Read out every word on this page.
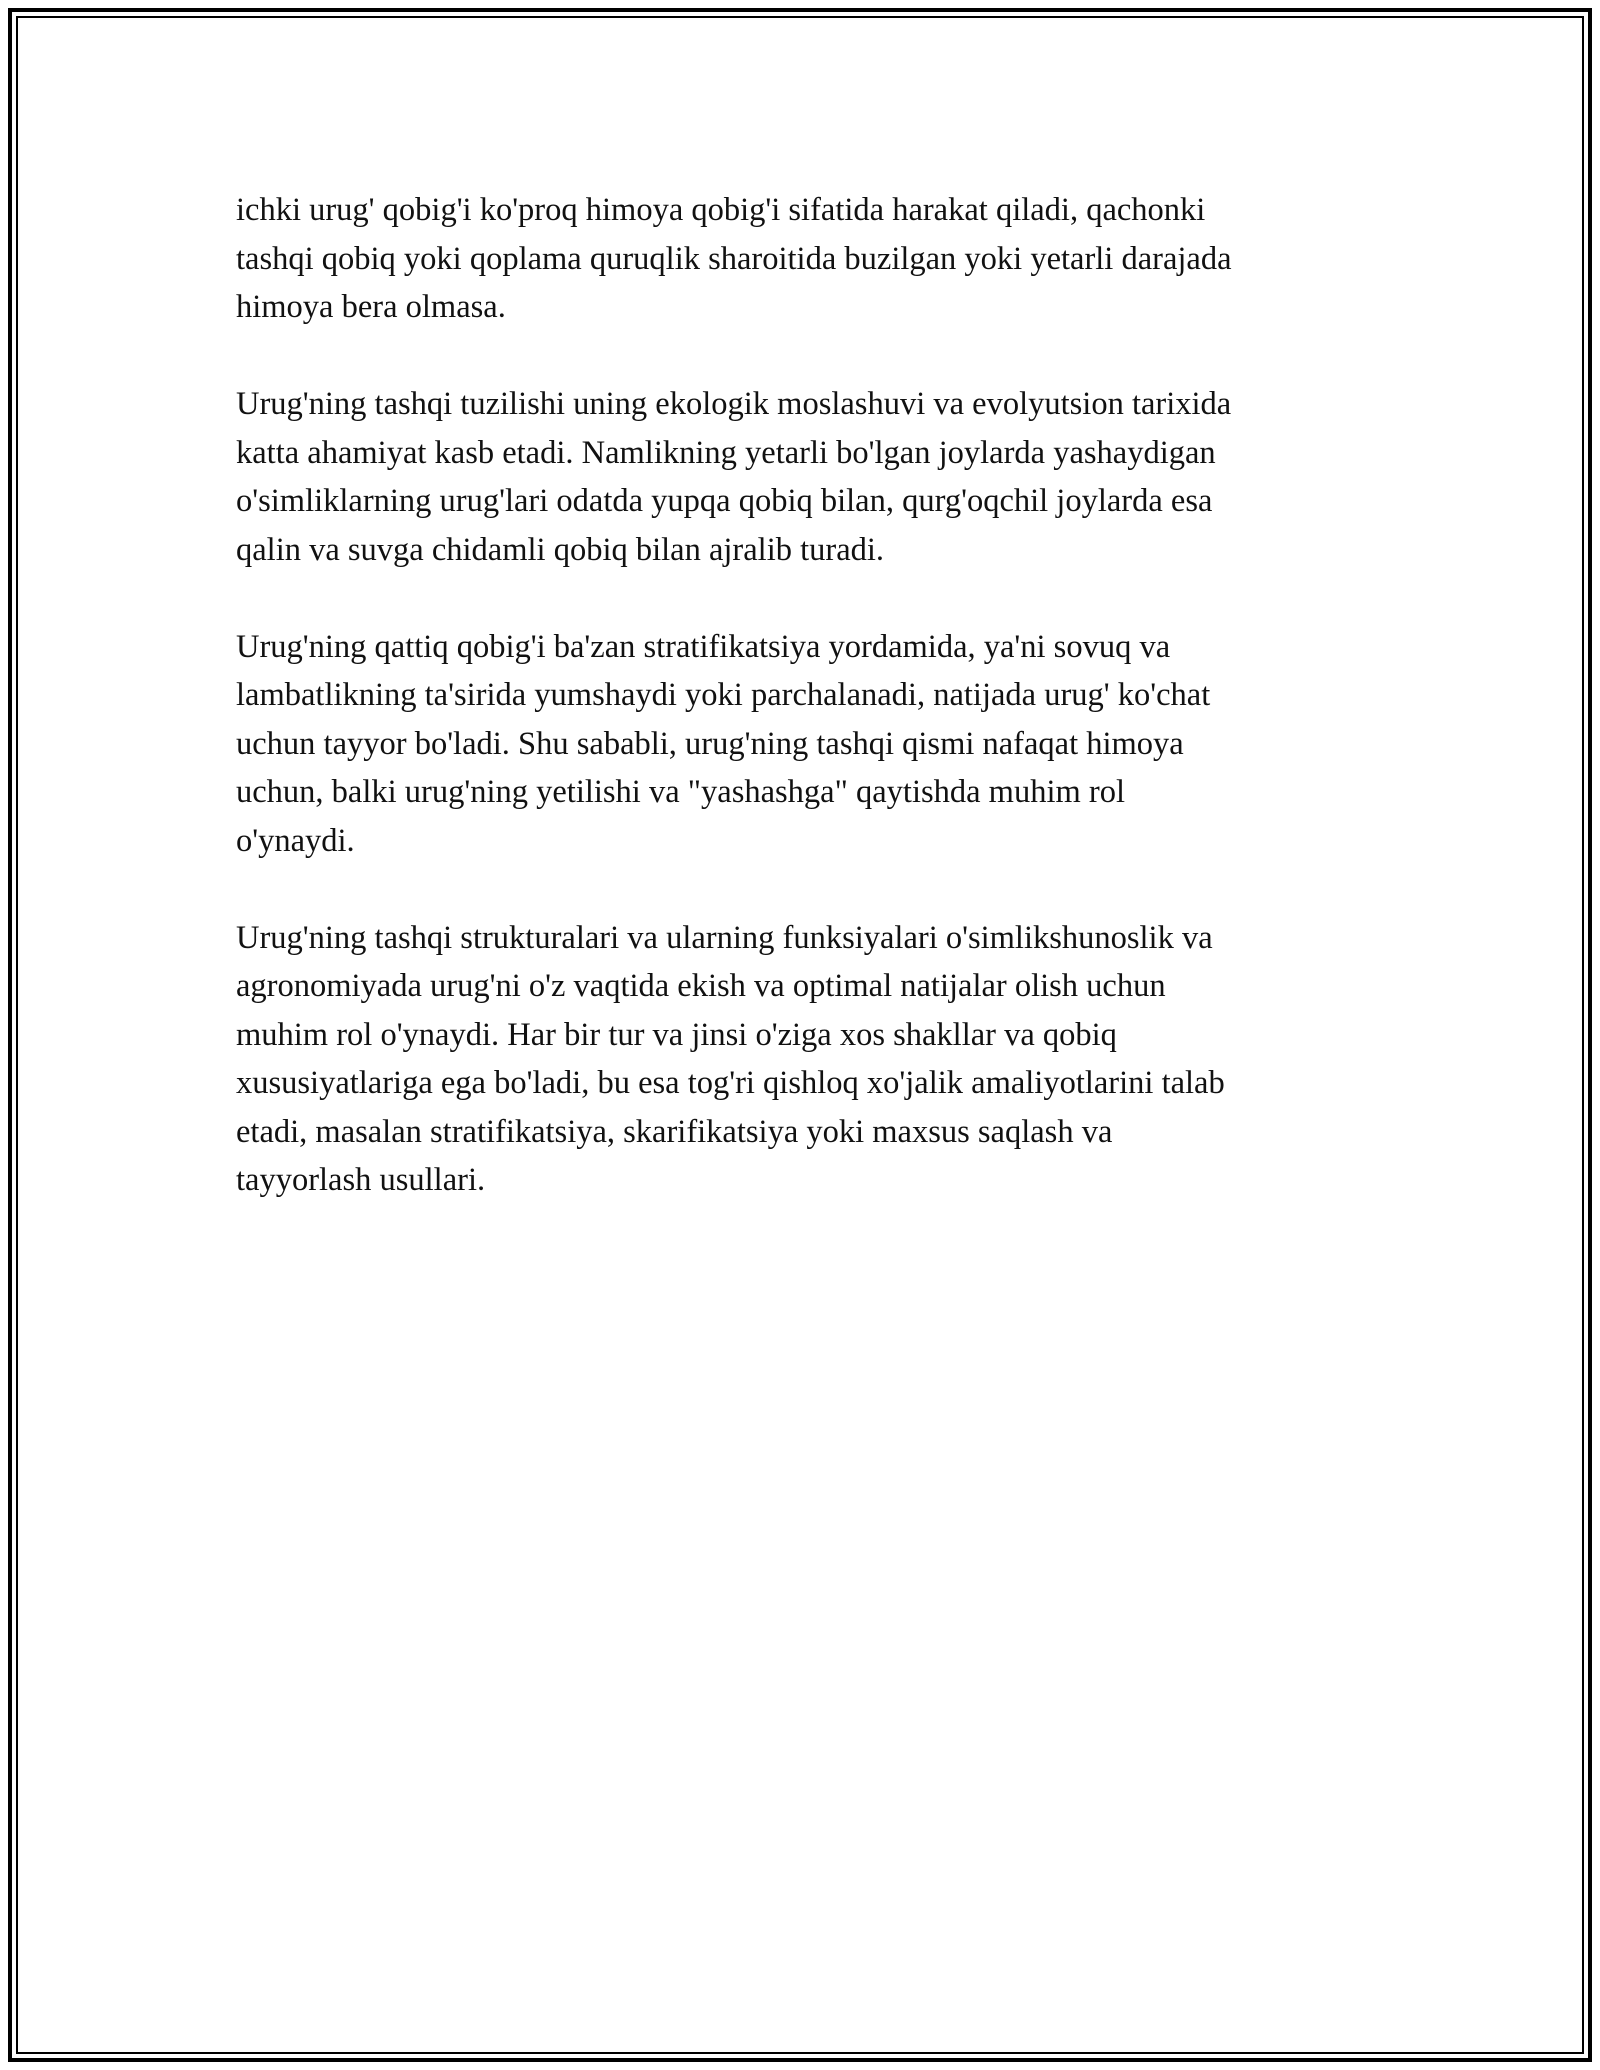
ichki urug' qobig'i ko'proq himoya qobig'i sifatida harakat qiladi, qachonki
tashqi qobiq yoki qoplama quruqlik sharoitida buzilgan yoki yetarli darajada
himoya bera olmasa.

Urug'ning tashqi tuzilishi uning ekologik moslashuvi va evolyutsion tarixida
katta ahamiyat kasb etadi. Namlikning yetarli bo'lgan joylarda yashaydigan
o'simliklarning urug'lari odatda yupqa qobiq bilan, qurg'oqchil joylarda esa
qalin va suvga chidamli qobiq bilan ajralib turadi.

Urug'ning qattiq qobig'i ba'zan stratifikatsiya yordamida, ya'ni sovuq va
lambatlikning ta'sirida yumshaydi yoki parchalanadi, natijada urug' ko'chat
uchun tayyor bo'ladi. Shu sababli, urug'ning tashqi qismi nafaqat himoya
uchun, balki urug'ning yetilishi va "yashashga" qaytishda muhim rol
o'ynaydi.

Urug'ning tashqi strukturalari va ularning funksiyalari o'simlikshunoslik va
agronomiyada urug'ni o'z vaqtida ekish va optimal natijalar olish uchun
muhim rol o'ynaydi. Har bir tur va jinsi o'ziga xos shakllar va qobiq
xususiyatlariga ega bo'ladi, bu esa tog'ri qishloq xo'jalik amaliyotlarini talab
etadi, masalan stratifikatsiya, skarifikatsiya yoki maxsus saqlash va
tayyorlash usullari.
